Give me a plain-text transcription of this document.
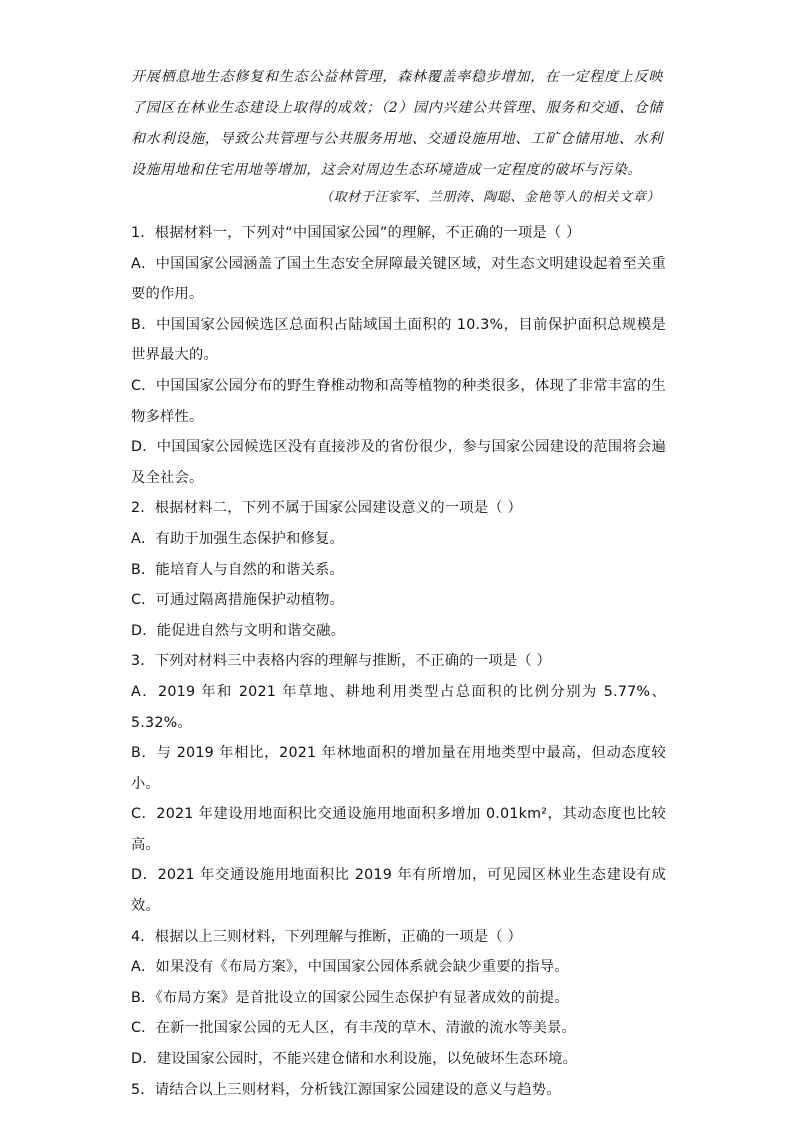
开展栖息地生态修复和生态公益林管理，森林覆盖率稳步增加，在一定程度上反映了园区在林业生态建设上取得的成效；（2）园内兴建公共管理、服务和交通、仓储和水利设施，导致公共管理与公共服务用地、交通设施用地、工矿仓储用地、水利设施用地和住宅用地等增加，这会对周边生态环境造成一定程度的破坏与污染。

（取材于汪家军、兰朋涛、陶聪、金艳等人的相关文章）

1．根据材料一，下列对“中国国家公园”的理解，不正确的一项是（ ）

A．中国国家公园涵盖了国土生态安全屏障最关键区域，对生态文明建设起着至关重要的作用。

B．中国国家公园候选区总面积占陆域国土面积的 10.3%，目前保护面积总规模是世界最大的。

C．中国国家公园分布的野生脊椎动物和高等植物的种类很多，体现了非常丰富的生物多样性。

D．中国国家公园候选区没有直接涉及的省份很少，参与国家公园建设的范围将会遍及全社会。

2．根据材料二，下列不属于国家公园建设意义的一项是（ ）

A．有助于加强生态保护和修复。

B．能培育人与自然的和谐关系。

C．可通过隔离措施保护动植物。

D．能促进自然与文明和谐交融。

3．下列对材料三中表格内容的理解与推断，不正确的一项是（ ）

A．2019 年和 2021 年草地、耕地利用类型占总面积的比例分别为 5.77%、5.32%。

B．与 2019 年相比，2021 年林地面积的增加量在用地类型中最高，但动态度较小。

C．2021 年建设用地面积比交通设施用地面积多增加 0.01km²，其动态度也比较高。

D．2021 年交通设施用地面积比 2019 年有所增加，可见园区林业生态建设有成效。

4．根据以上三则材料，下列理解与推断，正确的一项是（ ）

A．如果没有《布局方案》，中国国家公园体系就会缺少重要的指导。

B．《布局方案》是首批设立的国家公园生态保护有显著成效的前提。

C．在新一批国家公园的无人区，有丰茂的草木、清澈的流水等美景。

D．建设国家公园时，不能兴建仓储和水利设施，以免破坏生态环境。

5．请结合以上三则材料，分析钱江源国家公园建设的意义与趋势。
